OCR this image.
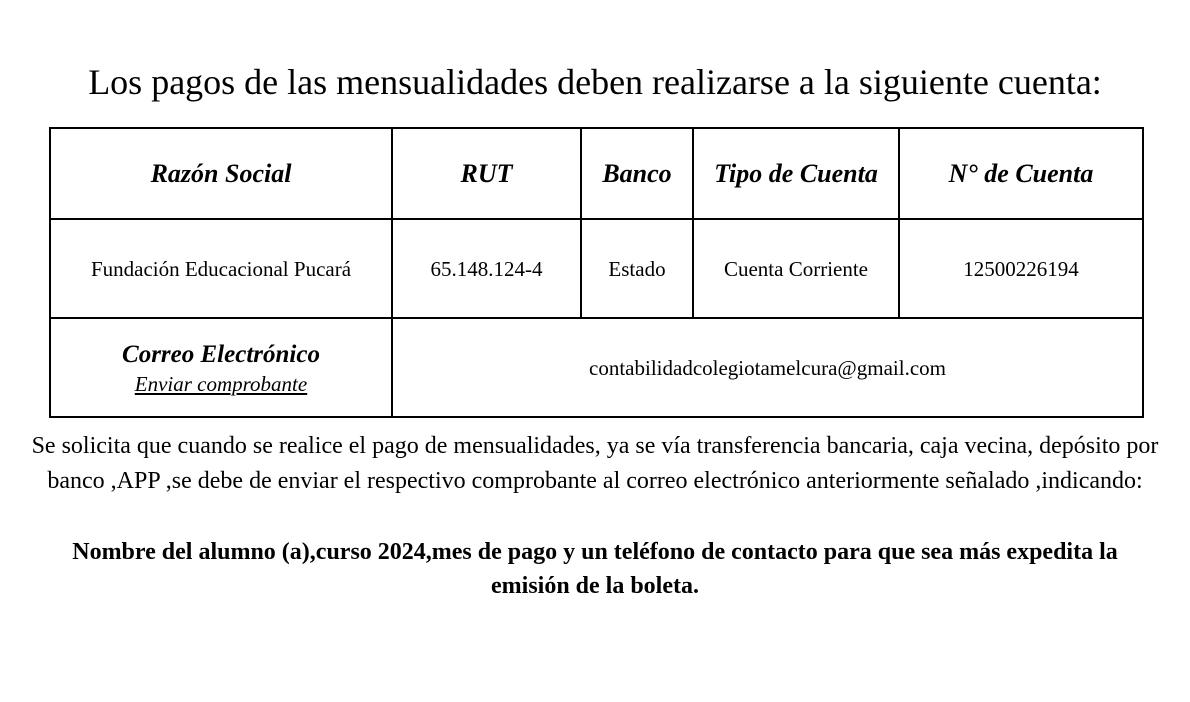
Los pagos de las mensualidades deben realizarse a la siguiente cuenta:
Razón Social	RUT	Banco	Tipo de Cuenta	N° de Cuenta
Fundación Educacional Pucará	65.148.124-4	Estado	Cuenta Corriente	12500226194

Correo Electrónico
Enviar comprobante	contabilidadcolegiotamelcura@gmail.com			
Se solicita que cuando se realice el pago de mensualidades, ya se vía transferencia bancaria, caja vecina, depósito por banco ,APP ,se debe de enviar el respectivo comprobante al correo electrónico anteriormente señalado ,indicando:
Nombre del alumno (a),curso 2024,mes de pago y un teléfono de contacto para que sea más expedita la emisión de la boleta.
